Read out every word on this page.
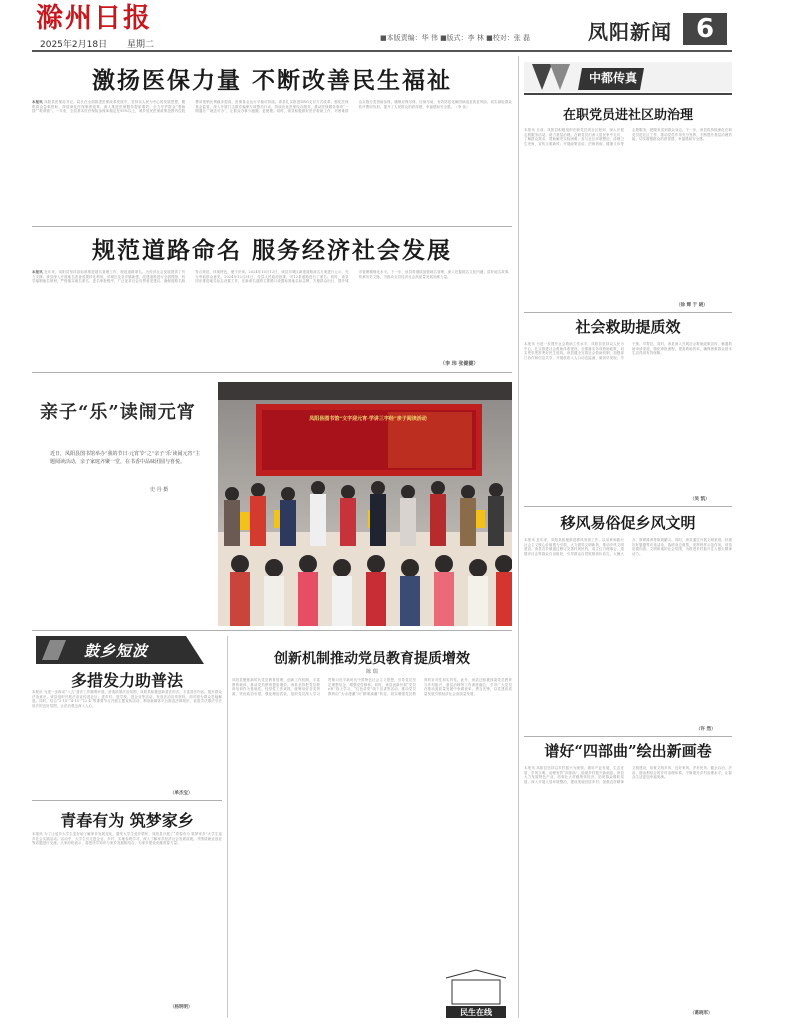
滁州日报
2025年2月18日 星期二
■本版责编：华 伟 ■版式：李 林 ■校对：张 磊	凤阳新闻 6
激扬医保力量 不断改善民生福祉
本报讯 凤阳县医保局书记、局长在全面推进医保改革发展中，坚持以人民为中心的发展思想，聚焦群众急难愁盼，持续深化医保制度改革，深入推进医保服务提质增效，全力守护群众“看病钱”“救命钱”。一年来，全县基本医疗保险参保率稳定在95%以上，城乡居民医保政策范围内住院费用报销比例稳步提高，医保基金运行平稳可持续。该县扎实推进DRG支付方式改革，强化医保基金监管，深入开展打击欺诈骗保专项整治行动，持续优化医保经办服务，推动医保服务事项“一网通办”“就近可办”，让群众办事少跑腿、更便捷。同时，该县积极做好医疗救助工作，对困难群众实施分类资助参保，确保应保尽保、应助尽助，有效防范化解因病返贫致贫风险，切实减轻群众医疗费用负担，提升了人民群众的获得感、幸福感和安全感。（李 伟）
规范道路命名 服务经济社会发展
本报讯 近年来，凤阳县坚持高标准推进地名管理工作，规范道路命名，为经济社会发展提供了有力支撑。该县深入开展地名普查成果转化利用，对城区及各乡镇新建、改建道路进行全面摸排，科学编制地名规划，严格落实地名命名、更名审批程序，广泛征求社会各界意见建议，确保道路名称符合规范、体现特色、便于识别。2024年10月12日，该县对城区新建道路命名方案进行公示，充分听取群众意见。2024年12月31日，经县人民政府批准，对12条道路进行了命名。同时，该县同步推进地名标志设置工作，在新命名道路主要路口设置标准地名标志牌，方便群众出行，提升城市管理精细化水平。下一步，该县将继续加强地名管理，深入挖掘地名文化内涵，讲好地名故事，传承历史文脉，为推动全县经济社会高质量发展贡献力量。
（李 玮 张健健）
亲子“乐”读闹元宵
近日，凤阳县图书馆举办“我的节日·元宵节”之“亲子‘乐’读闹元宵”主题阅读活动，亲子家庭齐聚一堂，在书香中品味团圆与喜悦。
史 丹 摄
凤阳县图书馆“文字迎元宵·学讲三字经”亲子阅读活动
鼓乡短波
多措发力助普法
本报讯 为进一步推动“八五”普法工作顺利开展，营造浓厚法治氛围，凤阳县积极创新普法形式，丰富普法内容，提升群众法治意识。该县组织开展法治宣传进社区、进乡村、进学校、进企业等活动，发放法治宣传资料，面对面为群众答疑解惑。同时，结合“3·15”“4·15”“12·4”等重要节点开展主题宣传活动，利用新媒体平台推送法律知识，营造学法尊法守法用法的良好氛围，让法治观念深入人心。
（单杰宝）
青春有为 筑梦家乡
本报讯 为了让返乡大学生更好地了解家乡发展变化，激发大学生爱乡情怀，凤阳县开展了“青春有为 筑梦家乡”大学生返乡社会实践活动。活动中，大学生们走进企业、乡村，实地参观学习，深入了解家乡经济社会发展成就，并围绕就业创业等话题进行交流。大家纷纷表示，将把所学知识与家乡发展相结合，为家乡建设贡献青春力量。
（杨明明）
创新机制推动党员教育提质增效
陈 瑞
凤阳县聚焦新时代党员教育管理，创新工作机制，丰富教育载体，推动党员教育提质增效。该县坚持把党员教育培训作为基础性、经常性工作来抓，统筹用好各类资源，突出政治引领，强化理论武装，组织党员深入学习贯彻习近平新时代中国特色社会主义思想，引导党员坚定理想信念、增强党性修养。同时，该县创新开展“党员e家”线上学习、“红色讲堂”线下宣讲等活动，推动党员教育由“大水漫灌”向“精准滴灌”转变，切实增强党员教育的针对性和实效性。此外，该县还积极探索党员教育与乡村振兴、基层治理等工作深度融合，引导广大党员在推动高质量发展中争做表率、勇当先锋，以党建高质量发展引领经济社会高质量发展。
民生在线
中都传真
在职党员进社区助治理
本报讯 日前，凤阳县积极组织在职党员到社区报到，深入开展志愿服务活动，助力基层治理。在职党员们深入居民家中走访，了解群众需求，帮助解决实际困难；参与社区环境整治，清理卫生死角，宣传文明新风；开展政策宣讲、法律咨询、健康义诊等志愿服务，把服务送到群众身边。下一步，该县将持续深化在职党员进社区工作，推动党员作用充分发挥，不断提升基层治理效能，切实增强群众的获得感、幸福感和安全感。
（徐 辉 于 晓）
社会救助提质效
本报讯 为进一步提升社会救助工作水平，凤阳县坚持以人民为中心，扎实推进社会救助体系建设，全面落实各项救助政策，切实兜牢兜准兜好民生底线。该县健全完善社会救助机制，加强部门协作和信息共享，开展低收入人口动态监测，做到早发现、早干预、早帮扶。同时，该县深入开展社会救助政策宣传，畅通救助申请渠道，简化审批流程，提高救助效率，确保困难群众基本生活得到有效保障。
（吴 凯）
移风易俗促乡风文明
本报讯 近年来，凤阳县积极推进移风易俗工作，以培育和践行社会主义核心价值观为引领，大力倡导文明新风，推动乡风文明建设。该县各乡镇通过修订完善村规民约，成立红白理事会、道德评议会等群众自治组织，引导群众自觉抵制高价彩礼、大操大办、厚葬薄养等陈规陋习。同时，该县通过开展文明家庭、好媳妇好婆婆等评选活动，选树身边典型，发挥榜样示范作用，营造崇德向善、文明和谐的社会氛围，为推进乡村振兴注入强大精神动力。
（许 然）
谱好“四部曲”绘出新画卷
本报讯 凤阳县坚持以乡村振兴为统领，谱好产业发展、生态宜居、乡风文明、治理有效“四部曲”，绘就乡村振兴新画卷。该县大力发展特色产业，培育壮大村级集体经济，拓宽群众增收渠道；深入开展人居环境整治，建设美丽宜居乡村；加强农村精神文明建设，培育文明乡风、良好家风、淳朴民风；健全自治、法治、德治相结合的乡村治理体系，不断提升乡村治理水平，让群众生活更加幸福美满。
（葛晓军）
